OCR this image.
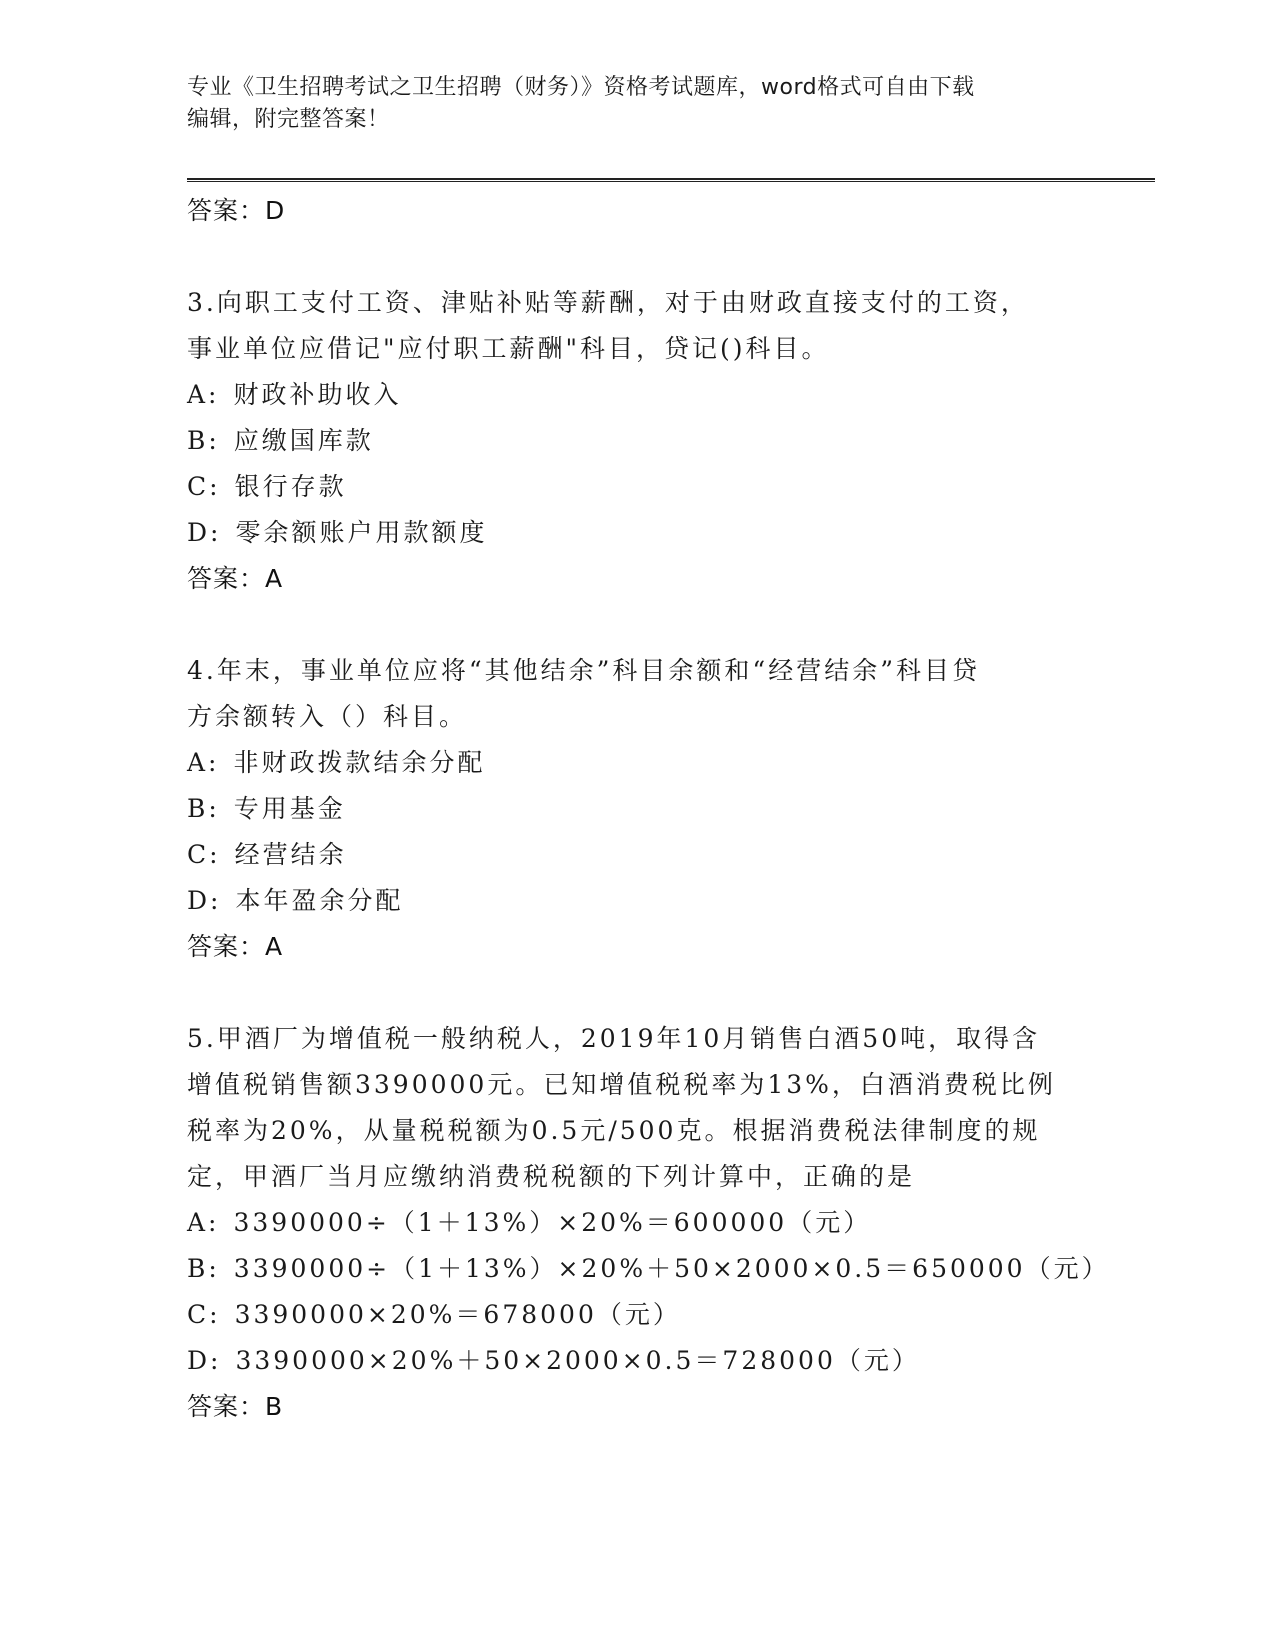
专业《卫生招聘考试之卫生招聘（财务）》资格考试题库，word格式可自由下载
编辑，附完整答案！
答案：D
3.向职工支付工资、津贴补贴等薪酬，对于由财政直接支付的工资，
事业单位应借记"应付职工薪酬"科目，贷记()科目。
A: 财政补助收入
B: 应缴国库款
C: 银行存款
D: 零余额账户用款额度
答案：A
4.年末，事业单位应将“其他结余”科目余额和“经营结余”科目贷
方余额转入（）科目。
A: 非财政拨款结余分配
B: 专用基金
C: 经营结余
D: 本年盈余分配
答案：A
5.甲酒厂为增值税一般纳税人，2019年10月销售白酒50吨，取得含
增值税销售额3390000元。已知增值税税率为13%，白酒消费税比例
税率为20%，从量税税额为0.5元/500克。根据消费税法律制度的规
定，甲酒厂当月应缴纳消费税税额的下列计算中，正确的是
A: 3390000÷（1＋13%）×20%＝600000（元）
B: 3390000÷（1＋13%）×20%＋50×2000×0.5＝650000（元）
C: 3390000×20%＝678000（元）
D: 3390000×20%＋50×2000×0.5＝728000（元）
答案：B
